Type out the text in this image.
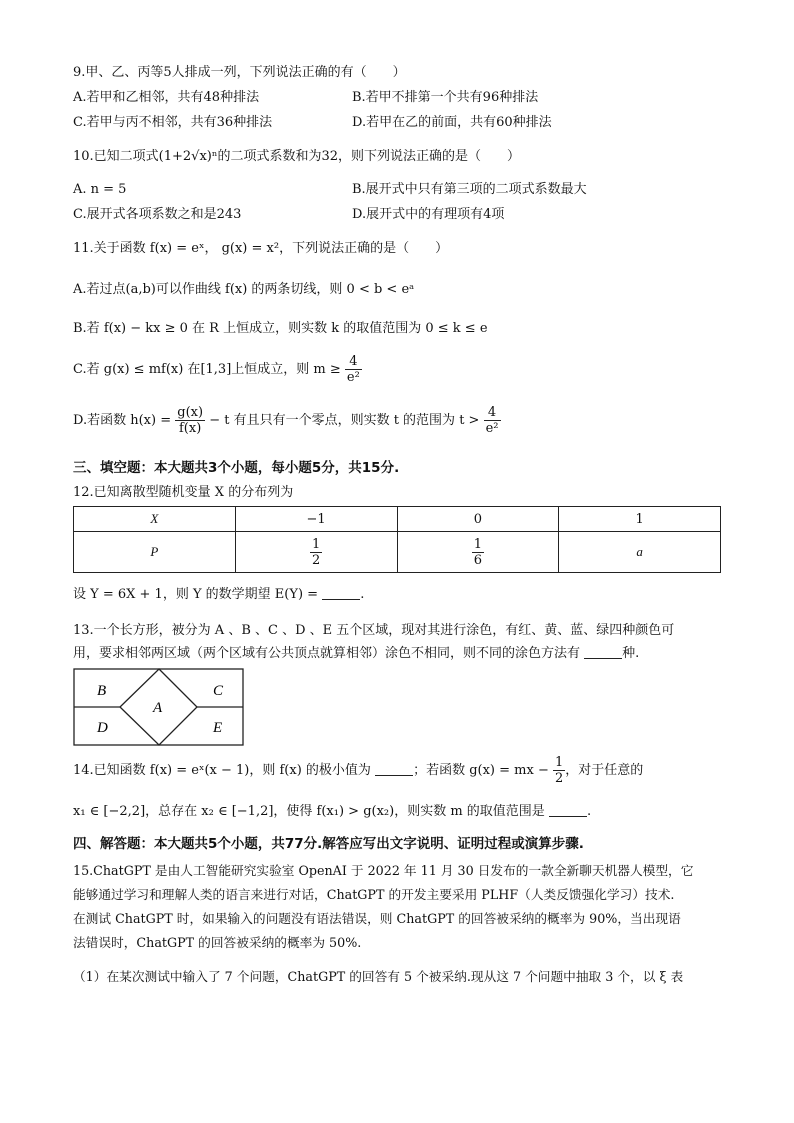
9.甲、乙、丙等5人排成一列，下列说法正确的有（　　）
A.若甲和乙相邻，共有48种排法	B.若甲不排第一个共有96种排法
C.若甲与丙不相邻，共有36种排法	D.若甲在乙的前面，共有60种排法
10.已知二项式(1+2√x)ⁿ的二项式系数和为32，则下列说法正确的是（　　）
A. n = 5	B.展开式中只有第三项的二项式系数最大
C.展开式各项系数之和是243	D.展开式中的有理项有4项
11.关于函数 f(x) = eˣ， g(x) = x²，下列说法正确的是（　　）
A.若过点(a,b)可以作曲线 f(x) 的两条切线，则 0 < b < eᵃ
B.若 f(x) − kx ≥ 0 在 R 上恒成立，则实数 k 的取值范围为 0 ≤ k ≤ e
C.若 g(x) ≤ mf(x) 在[1,3]上恒成立，则 $m \ge \frac{4}{\text{e²}}$
D.若函数 $h(x) = \frac{g(x)}{f(x)} - t$ 有且只有一个零点，则实数 t 的范围为 $t > \frac{4}{\text{e²}}$
三、填空题：本大题共3个小题，每小题5分，共15分.
12.已知离散型随机变量 X 的分布列为
X	−1	0	1
P	$\frac{1}{2}$	$\frac{1}{6}$	a
设 Y = 6X + 1，则 Y 的数学期望 E(Y) =	.
13.一个长方形，被分为 A 、B 、C 、D 、E 五个区域，现对其进行涂色，有红、黄、蓝、绿四种颜色可
用，要求相邻两区域（两个区域有公共顶点就算相邻）涂色不相同，则不同的涂色方法有	种.
B	C
A
D	E
14.已知函数 f(x) = eˣ(x − 1)，则 f(x) 的极小值为	；若函数 g(x) = mx − $\frac{1}{2}$ ，对于任意的
x₁ ∈ [−2,2]，总存在 x₂ ∈ [−1,2]，使得 f(x₁) > g(x₂)，则实数 m 的取值范围是	.
四、解答题：本大题共5个小题，共77分.解答应写出文字说明、证明过程或演算步骤.
15.ChatGPT 是由人工智能研究实验室 OpenAI 于 2022 年 11 月 30 日发布的一款全新聊天机器人模型，它
能够通过学习和理解人类的语言来进行对话，ChatGPT 的开发主要采用 PLHF（人类反馈强化学习）技术.
在测试 ChatGPT 时，如果输入的问题没有语法错误，则 ChatGPT 的回答被采纳的概率为 90%，当出现语
法错误时，ChatGPT 的回答被采纳的概率为 50%.
（1）在某次测试中输入了 7 个问题，ChatGPT 的回答有 5 个被采纳.现从这 7 个问题中抽取 3 个，以 ξ 表
